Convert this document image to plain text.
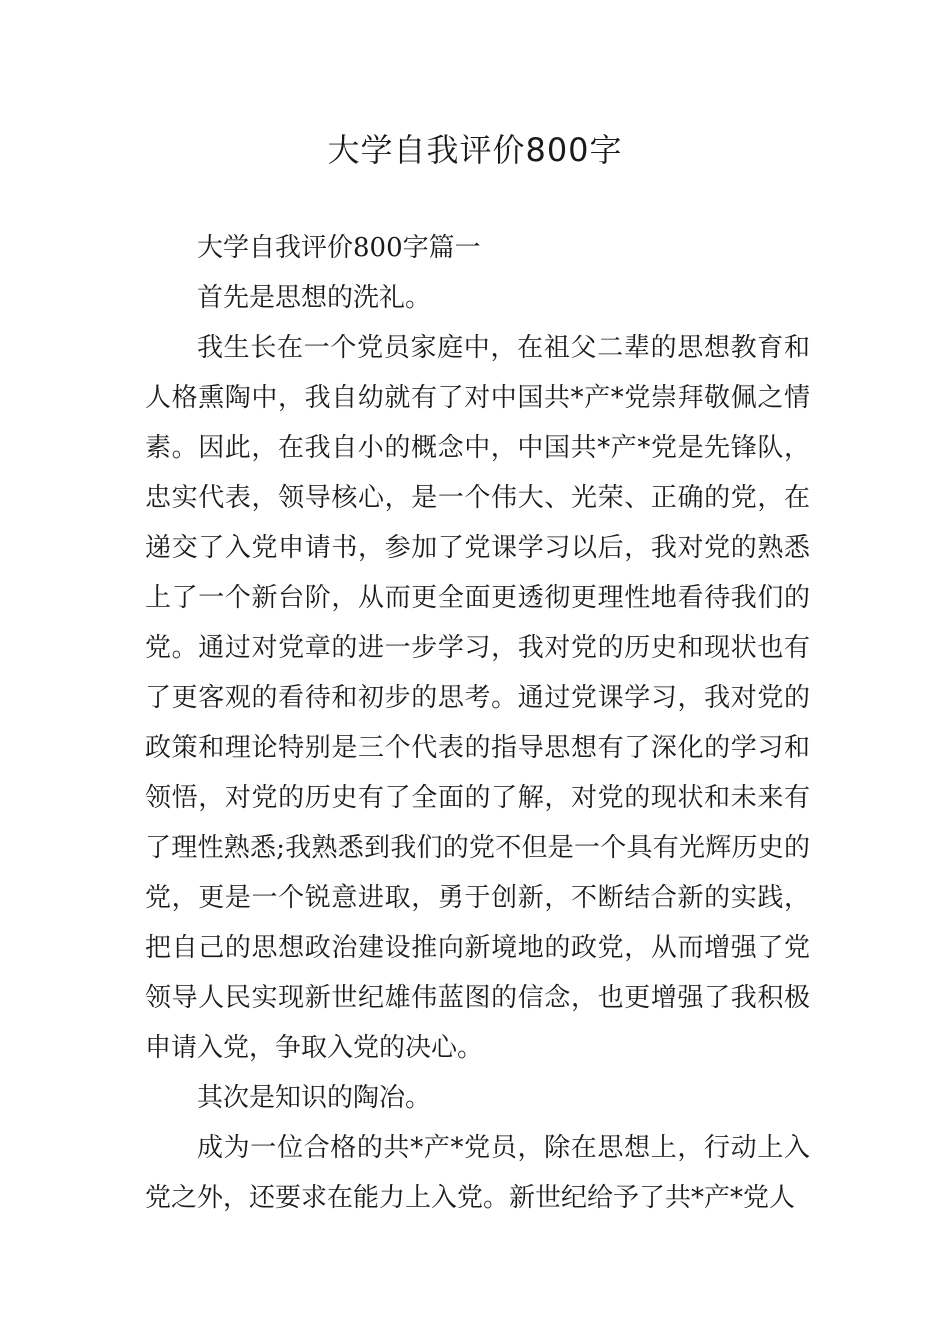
大学自我评价800字

大学自我评价800字篇一

首先是思想的洗礼。

我生长在一个党员家庭中，在祖父二辈的思想教育和人格熏陶中，我自幼就有了对中国共*产*党崇拜敬佩之情素。因此，在我自小的概念中，中国共*产*党是先锋队，忠实代表，领导核心，是一个伟大、光荣、正确的党，在递交了入党申请书，参加了党课学习以后，我对党的熟悉上了一个新台阶，从而更全面更透彻更理性地看待我们的党。通过对党章的进一步学习，我对党的历史和现状也有了更客观的看待和初步的思考。通过党课学习，我对党的政策和理论特别是三个代表的指导思想有了深化的学习和领悟，对党的历史有了全面的了解，对党的现状和未来有了理性熟悉;我熟悉到我们的党不但是一个具有光辉历史的党，更是一个锐意进取，勇于创新，不断结合新的实践，把自己的思想政治建设推向新境地的政党，从而增强了党领导人民实现新世纪雄伟蓝图的信念，也更增强了我积极申请入党，争取入党的决心。

其次是知识的陶冶。

成为一位合格的共*产*党员，除在思想上，行动上入党之外，还要求在能力上入党。新世纪给予了共*产*党人
